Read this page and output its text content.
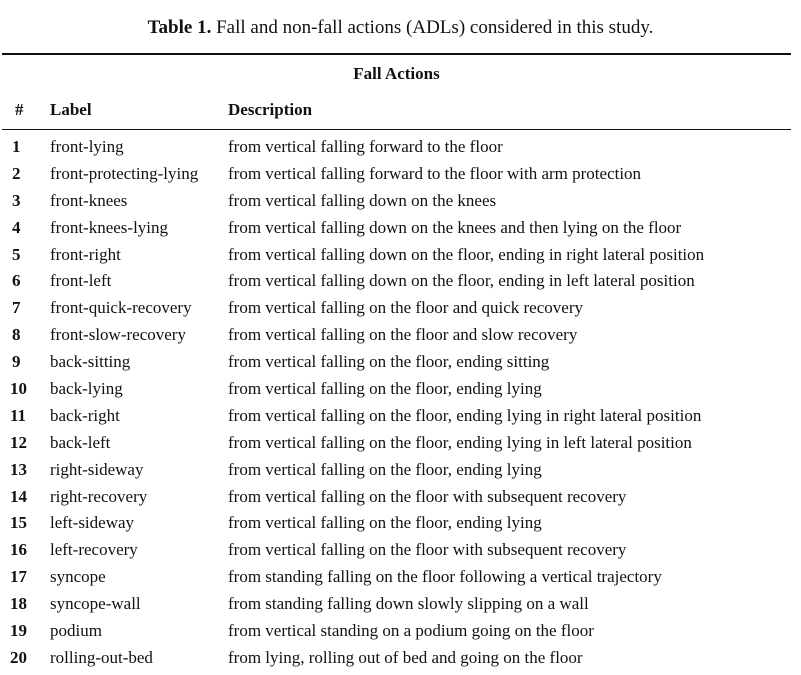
Table 1. Fall and non-fall actions (ADLs) considered in this study.
Fall Actions
# Label	Description
1 front-lying	from vertical falling forward to the floor
2 front-protecting-lying from vertical falling forward to the floor with arm protection
3 front-knees	from vertical falling down on the knees
4 front-knees-lying	from vertical falling down on the knees and then lying on the floor
5 front-right	from vertical falling down on the floor, ending in right lateral position
6 front-left	from vertical falling down on the floor, ending in left lateral position
7 front-quick-recovery from vertical falling on the floor and quick recovery
8 front-slow-recovery from vertical falling on the floor and slow recovery
9 back-sitting	from vertical falling on the floor, ending sitting
10 back-lying	from vertical falling on the floor, ending lying
11 back-right	from vertical falling on the floor, ending lying in right lateral position
12 back-left	from vertical falling on the floor, ending lying in left lateral position
13 right-sideway	from vertical falling on the floor, ending lying
14 right-recovery	from vertical falling on the floor with subsequent recovery
15 left-sideway	from vertical falling on the floor, ending lying
16 left-recovery	from vertical falling on the floor with subsequent recovery
17 syncope	from standing falling on the floor following a vertical trajectory
18 syncope-wall	from standing falling down slowly slipping on a wall
19 podium	from vertical standing on a podium going on the floor
20 rolling-out-bed	from lying, rolling out of bed and going on the floor
